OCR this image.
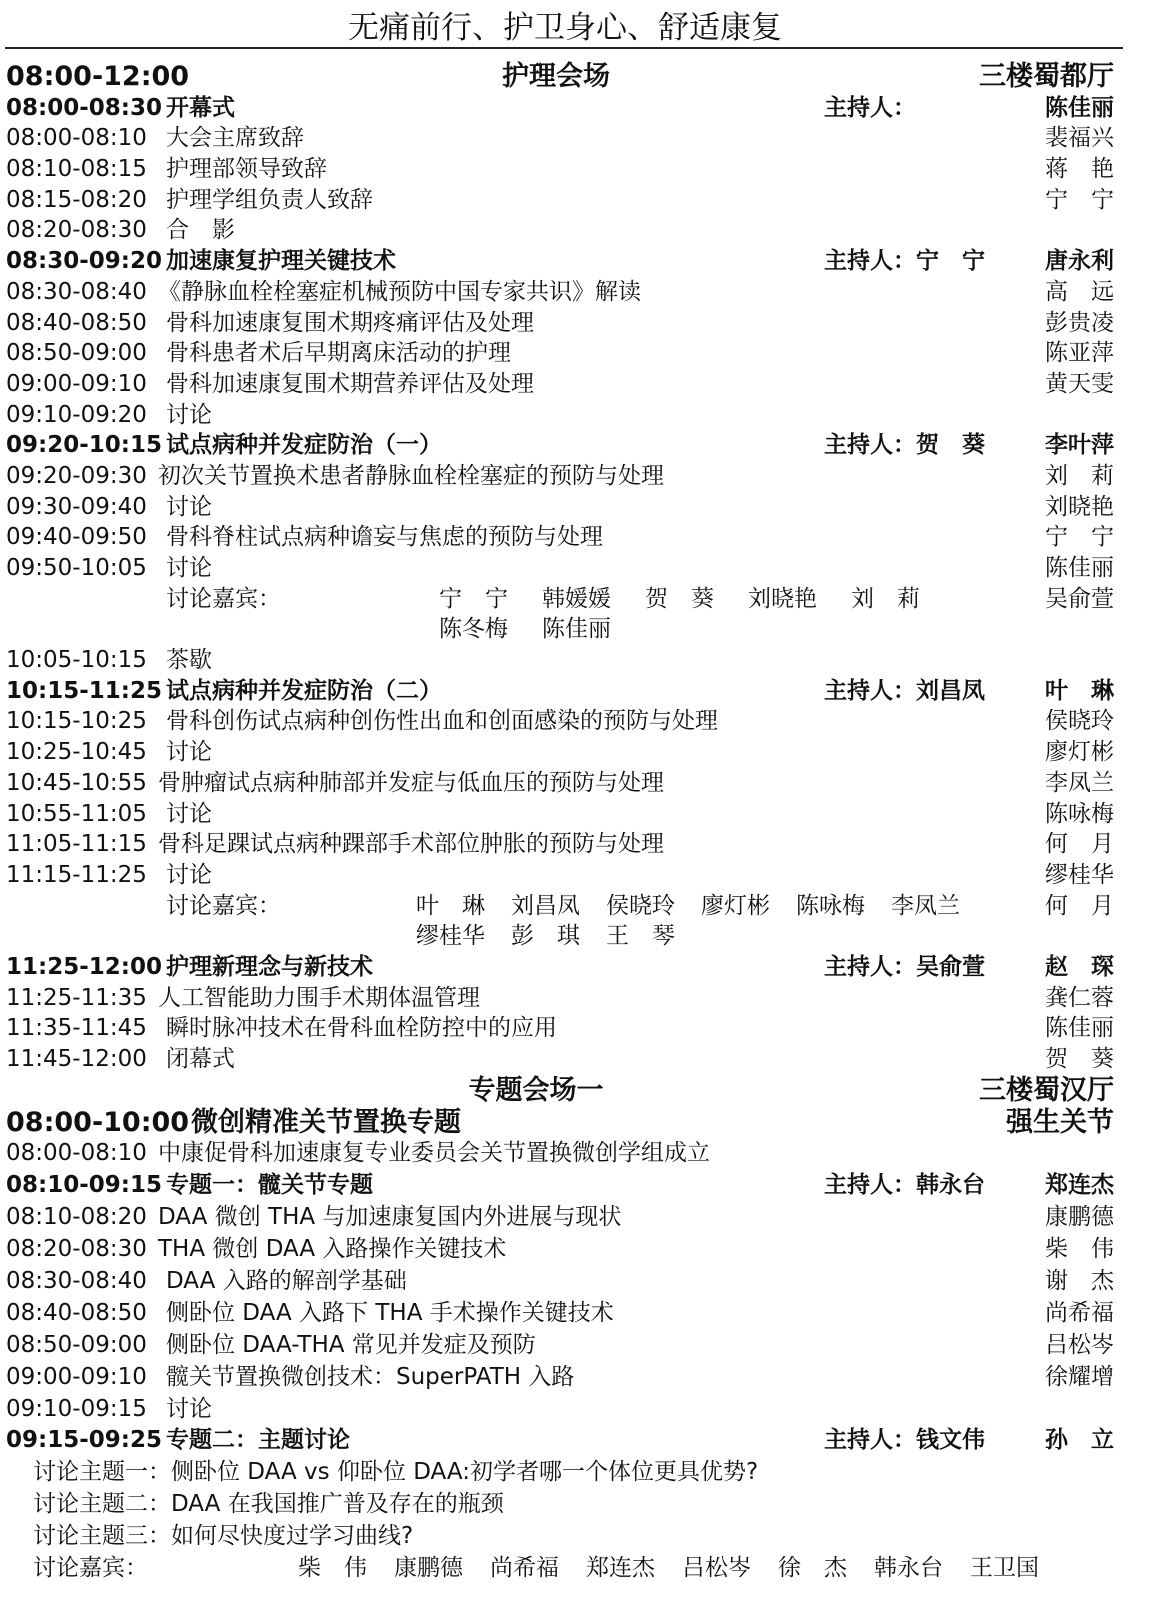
无痛前行、护卫身心、舒适康复
08:00-12:00	护理会场	三楼蜀都厅
08:00-08:30 开幕式	主持人：	陈佳丽
08:00-08:10 大会主席致辞	裴福兴
08:10-08:15 护理部领导致辞	蒋　艳
08:15-08:20 护理学组负责人致辞	宁　宁
08:20-08:30 合　影
08:30-09:20 加速康复护理关键技术	主持人：宁　宁	唐永利
08:30-08:40 《静脉血栓栓塞症机械预防中国专家共识》解读	高　远
08:40-08:50 骨科加速康复围术期疼痛评估及处理	彭贵凌
08:50-09:00 骨科患者术后早期离床活动的护理	陈亚萍
09:00-09:10 骨科加速康复围术期营养评估及处理	黄天雯
09:10-09:20 讨论
09:20-10:15 试点病种并发症防治（一）	主持人：贺　葵	李叶萍
09:20-09:30 初次关节置换术患者静脉血栓栓塞症的预防与处理	刘　莉
09:30-09:40 讨论	刘晓艳
09:40-09:50 骨科脊柱试点病种谵妄与焦虑的预防与处理	宁　宁
09:50-10:05 讨论	陈佳丽
讨论嘉宾：	宁　宁 韩媛媛 贺　葵 刘晓艳 刘　莉	吴俞萱
陈冬梅 陈佳丽
10:05-10:15 茶歇
10:15-11:25 试点病种并发症防治（二）	主持人：刘昌凤	叶　琳
10:15-10:25 骨科创伤试点病种创伤性出血和创面感染的预防与处理	侯晓玲
10:25-10:45 讨论	廖灯彬
10:45-10:55 骨肿瘤试点病种肺部并发症与低血压的预防与处理	李凤兰
10:55-11:05 讨论	陈咏梅
11:05-11:15 骨科足踝试点病种踝部手术部位肿胀的预防与处理	何　月
11:15-11:25 讨论	缪桂华
讨论嘉宾：	叶　琳 刘昌凤 侯晓玲 廖灯彬 陈咏梅 李凤兰	何　月
缪桂华 彭　琪 王　琴
11:25-12:00 护理新理念与新技术	主持人：吴俞萱	赵　琛
11:25-11:35 人工智能助力围手术期体温管理	龚仁蓉
11:35-11:45 瞬时脉冲技术在骨科血栓防控中的应用	陈佳丽
11:45-12:00 闭幕式	贺　葵
专题会场一	三楼蜀汉厅
08:00-10:00 微创精准关节置换专题	强生关节
08:00-08:10 中康促骨科加速康复专业委员会关节置换微创学组成立
08:10-09:15 专题一：髋关节专题	主持人：韩永台	郑连杰
08:10-08:20 DAA 微创 THA 与加速康复国内外进展与现状	康鹏德
08:20-08:30 THA 微创 DAA 入路操作关键技术	柴　伟
08:30-08:40 DAA 入路的解剖学基础	谢　杰
08:40-08:50 侧卧位 DAA 入路下 THA 手术操作关键技术	尚希福
08:50-09:00 侧卧位 DAA-THA 常见并发症及预防	吕松岑
09:00-09:10 髋关节置换微创技术：SuperPATH 入路	徐耀增
09:10-09:15 讨论
09:15-09:25 专题二：主题讨论	主持人：钱文伟	孙　立
讨论主题一：侧卧位 DAA vs 仰卧位 DAA:初学者哪一个体位更具优势?
讨论主题二：DAA 在我国推广普及存在的瓶颈
讨论主题三：如何尽快度过学习曲线?
讨论嘉宾：	柴　伟 康鹏德 尚希福 郑连杰 吕松岑 徐　杰 韩永台 王卫国
